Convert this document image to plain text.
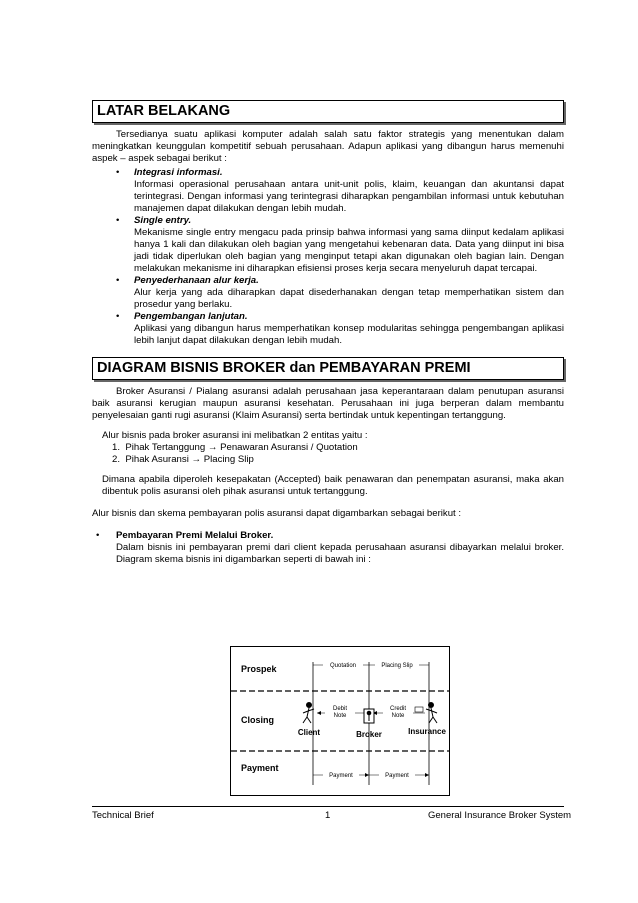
LATAR BELAKANG

Tersedianya suatu aplikasi komputer adalah salah satu faktor strategis yang menentukan dalam meningkatkan keunggulan kompetitif sebuah perusahaan. Adapun aplikasi yang dibangun harus memenuhi aspek – aspek sebagai berikut :

• Integrasi informasi.
Informasi operasional perusahaan antara unit-unit polis, klaim, keuangan dan akuntansi dapat terintegrasi. Dengan informasi yang terintegrasi diharapkan pengambilan informasi untuk kebutuhan manajemen dapat dilakukan dengan lebih mudah.
• Single entry.
Mekanisme single entry mengacu pada prinsip bahwa informasi yang sama diinput kedalam aplikasi hanya 1 kali dan dilakukan oleh bagian yang mengetahui kebenaran data. Data yang diinput ini bisa jadi tidak diperlukan oleh bagian yang menginput tetapi akan digunakan oleh bagian lain. Dengan melakukan mekanisme ini diharapkan efisiensi proses kerja secara menyeluruh dapat tercapai.
• Penyederhanaan alur kerja.
Alur kerja yang ada diharapkan dapat disederhanakan dengan tetap memperhatikan sistem dan prosedur yang berlaku.
• Pengembangan lanjutan.
Aplikasi yang dibangun harus memperhatikan konsep modularitas sehingga pengembangan aplikasi lebih lanjut dapat dilakukan dengan lebih mudah.
DIAGRAM BISNIS BROKER dan PEMBAYARAN PREMI

Broker Asuransi / Pialang asuransi adalah perusahaan jasa keperantaraan dalam penutupan asuransi baik asuransi kerugian maupun asuransi kesehatan. Perusahaan ini juga berperan dalam membantu penyelesaian ganti rugi asuransi (Klaim Asuransi) serta bertindak untuk kepentingan tertanggung.

Alur bisnis pada broker asuransi ini melibatkan 2 entitas yaitu :

1. Pihak Tertanggung → Penawaran Asuransi / Quotation
2. Pihak Asuransi → Placing Slip

Dimana apabila diperoleh kesepakatan (Accepted) baik penawaran dan penempatan asuransi, maka akan dibentuk polis asuransi oleh pihak asuransi untuk tertanggung.

Alur bisnis dan skema pembayaran polis asuransi dapat digambarkan sebagai berikut :

• Pembayaran Premi Melalui Broker.

Dalam bisnis ini pembayaran premi dari client kepada perusahaan asuransi dibayarkan melalui broker. Diagram skema bisnis ini digambarkan seperti di bawah ini :
Prospek
Closing
Payment
Quotation	Placing Slip
Debit
Note
Credit
Note
Client	Broker	Insurance
Payment	Payment
Technical Brief	1	General Insurance Broker System
